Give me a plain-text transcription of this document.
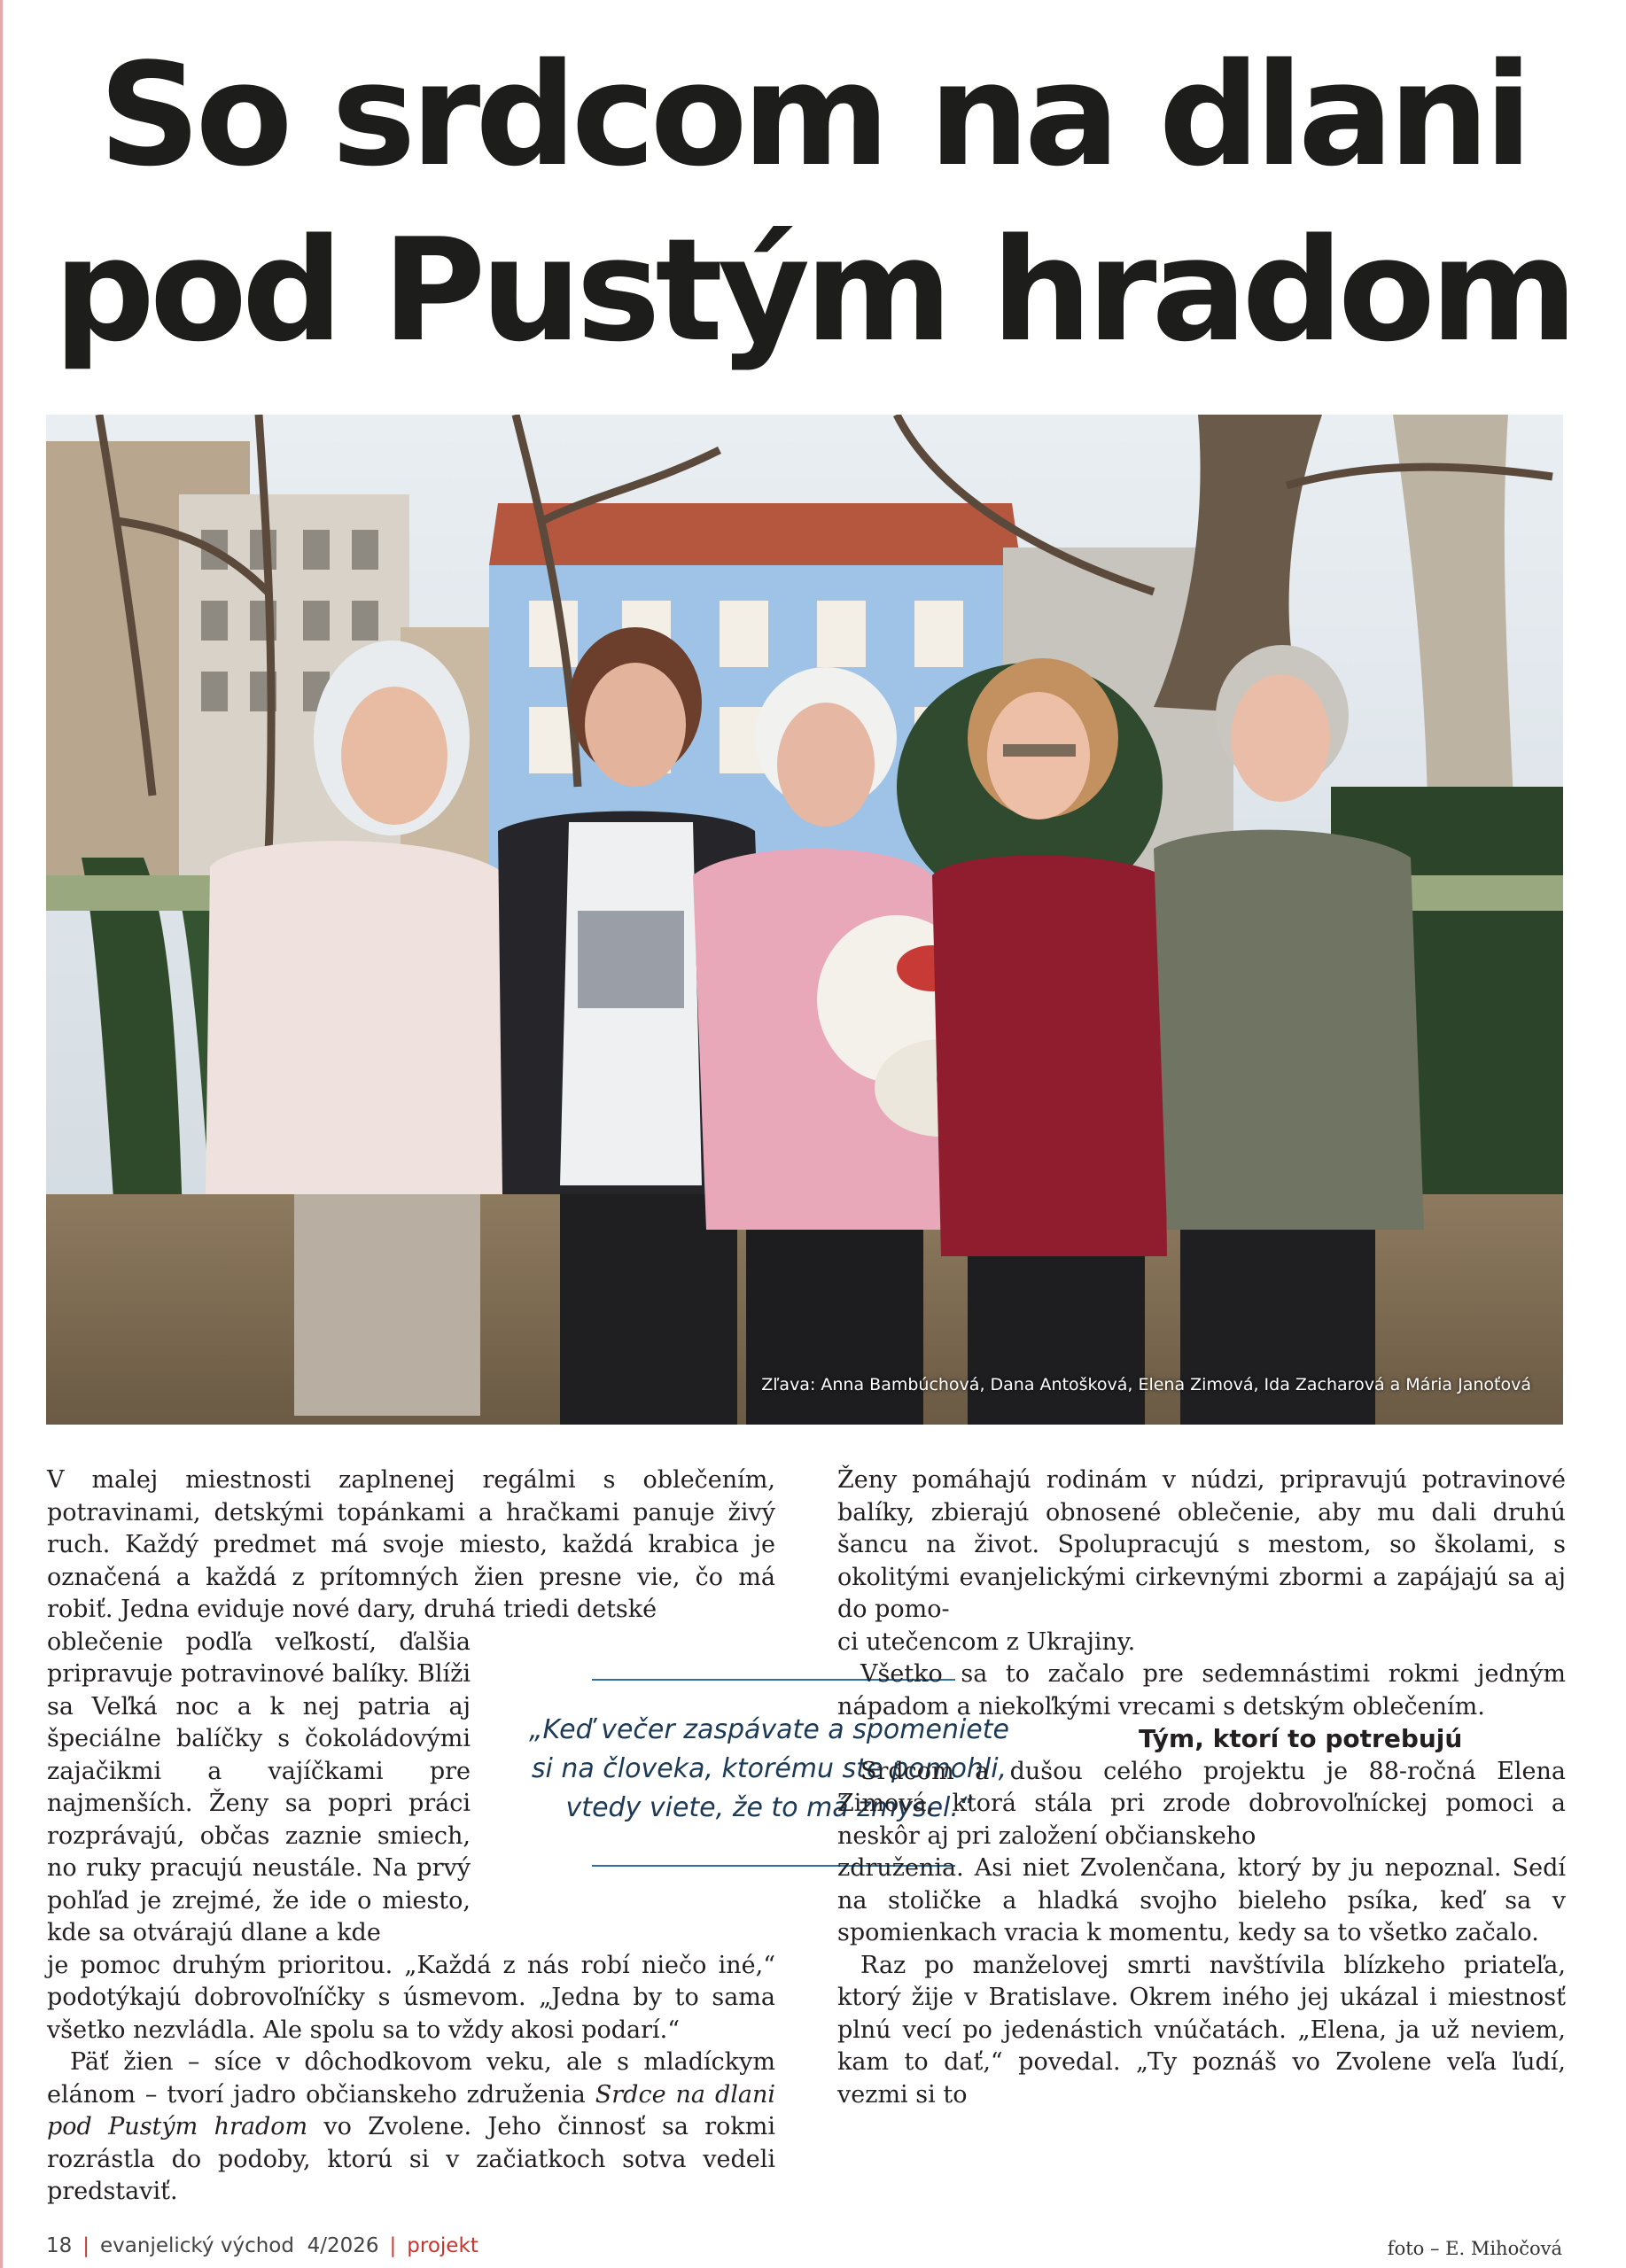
So srdcom na dlani
pod Pustým hradom
Zľava: Anna Bambúchová, Dana Antošková, Elena Zimová, Ida Zacharová a Mária Janoťová

V malej miestnosti zaplnenej regálmi s oblečením, potravinami, detskými topánkami a hračkami panuje živý ruch. Každý predmet má svoje miesto, každá krabica je označená a každá z prítomných žien presne vie, čo má robiť. Jedna eviduje nové dary, druhá triedi detské

oblečenie podľa veľkostí, ďalšia pripravuje potravinové balíky. Blíži sa Veľká noc a k nej patria aj špeciálne balíčky s čokoládovými zajačikmi a vajíčkami pre najmenších. Ženy sa popri práci rozprávajú, občas zaznie smiech, no ruky pracujú neustále. Na prvý pohľad je zrejmé, že ide o miesto, kde sa otvárajú dlane a kde

je pomoc druhým prioritou. „Každá z nás robí niečo iné,“ podotýkajú dobrovoľníčky s úsmevom. „Jedna by to sama všetko nezvládla. Ale spolu sa to vždy akosi podarí.“

Päť žien – síce v dôchodkovom veku, ale s mladíckym elánom – tvorí jadro občianskeho združenia Srdce na dlani pod Pustým hradom vo Zvolene. Jeho činnosť sa rokmi rozrástla do podoby, ktorú si v začiatkoch sotva vedeli predstaviť.

„Keď večer zaspávate a spomeniete si na človeka, ktorému ste pomohli, vtedy viete, že to má zmysel.“

Ženy pomáhajú rodinám v núdzi, pripravujú potravinové balíky, zbierajú obnosené oblečenie, aby mu dali druhú šancu na život. Spolupracujú s mestom, so školami, s okolitými evanjelickými cirkevnými zbormi a zapájajú sa aj do pomo-

ci utečencom z Ukrajiny.

Všetko sa to začalo pre sedemnástimi rokmi jedným nápadom a niekoľkými vrecami s detským oblečením.

Tým, ktorí to potrebujú

Srdcom a dušou celého projektu je 88-ročná Elena Zimová, ktorá stála pri zrode dobrovoľníckej pomoci a neskôr aj pri založení občianskeho

združenia. Asi niet Zvolenčana, ktorý by ju nepoznal. Sedí na stoličke a hladká svojho bieleho psíka, keď sa v spomienkach vracia k momentu, kedy sa to všetko začalo.

Raz po manželovej smrti navštívila blízkeho priateľa, ktorý žije v Bratislave. Okrem iného jej ukázal i miestnosť plnú vecí po jedenástich vnúčatách. „Elena, ja už neviem, kam to dať,“ povedal. „Ty poznáš vo Zvolene veľa ľudí, vezmi si to

18 | evanjelický východ 4/2026 | projekt	foto – E. Mihočová
